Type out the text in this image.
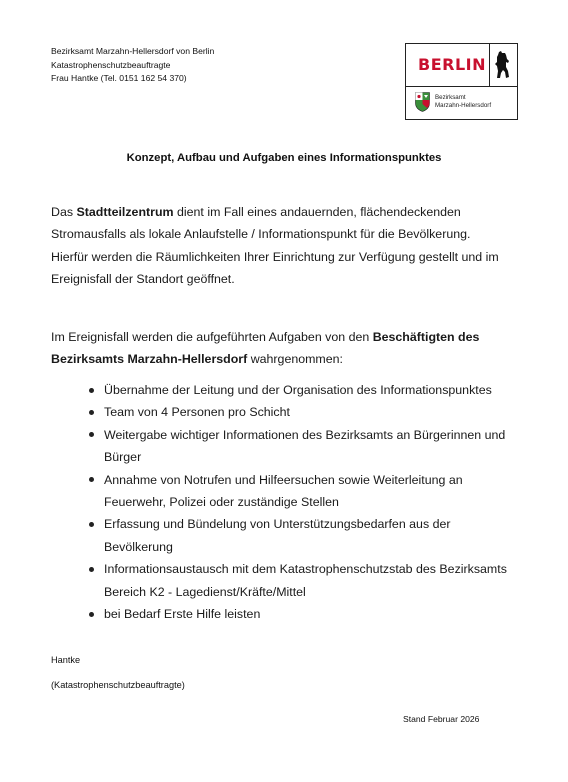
Bezirksamt Marzahn-Hellersdorf von Berlin
Katastrophenschutzbeauftragte
Frau Hantke (Tel. 0151 162 54 370)
BERLIN
Bezirksamt
Marzahn-Hellersdorf
Konzept, Aufbau und Aufgaben eines Informationspunktes
Das Stadtteilzentrum dient im Fall eines andauernden, flächendeckenden Stromausfalls als lokale Anlaufstelle / Informationspunkt für die Bevölkerung. Hierfür werden die Räumlichkeiten Ihrer Einrichtung zur Verfügung gestellt und im Ereignisfall der Standort geöffnet.
Im Ereignisfall werden die aufgeführten Aufgaben von den Beschäftigten des Bezirksamts Marzahn-Hellersdorf wahrgenommen:
Übernahme der Leitung und der Organisation des Informationspunktes
Team von 4 Personen pro Schicht
Weitergabe wichtiger Informationen des Bezirksamts an Bürgerinnen und Bürger
Annahme von Notrufen und Hilfeersuchen sowie Weiterleitung an Feuerwehr, Polizei oder zuständige Stellen
Erfassung und Bündelung von Unterstützungsbedarfen aus der Bevölkerung
Informationsaustausch mit dem Katastrophenschutzstab des Bezirksamts Bereich K2 - Lagedienst/Kräfte/Mittel
bei Bedarf Erste Hilfe leisten
Hantke
(Katastrophenschutzbeauftragte)
Stand Februar 2026
